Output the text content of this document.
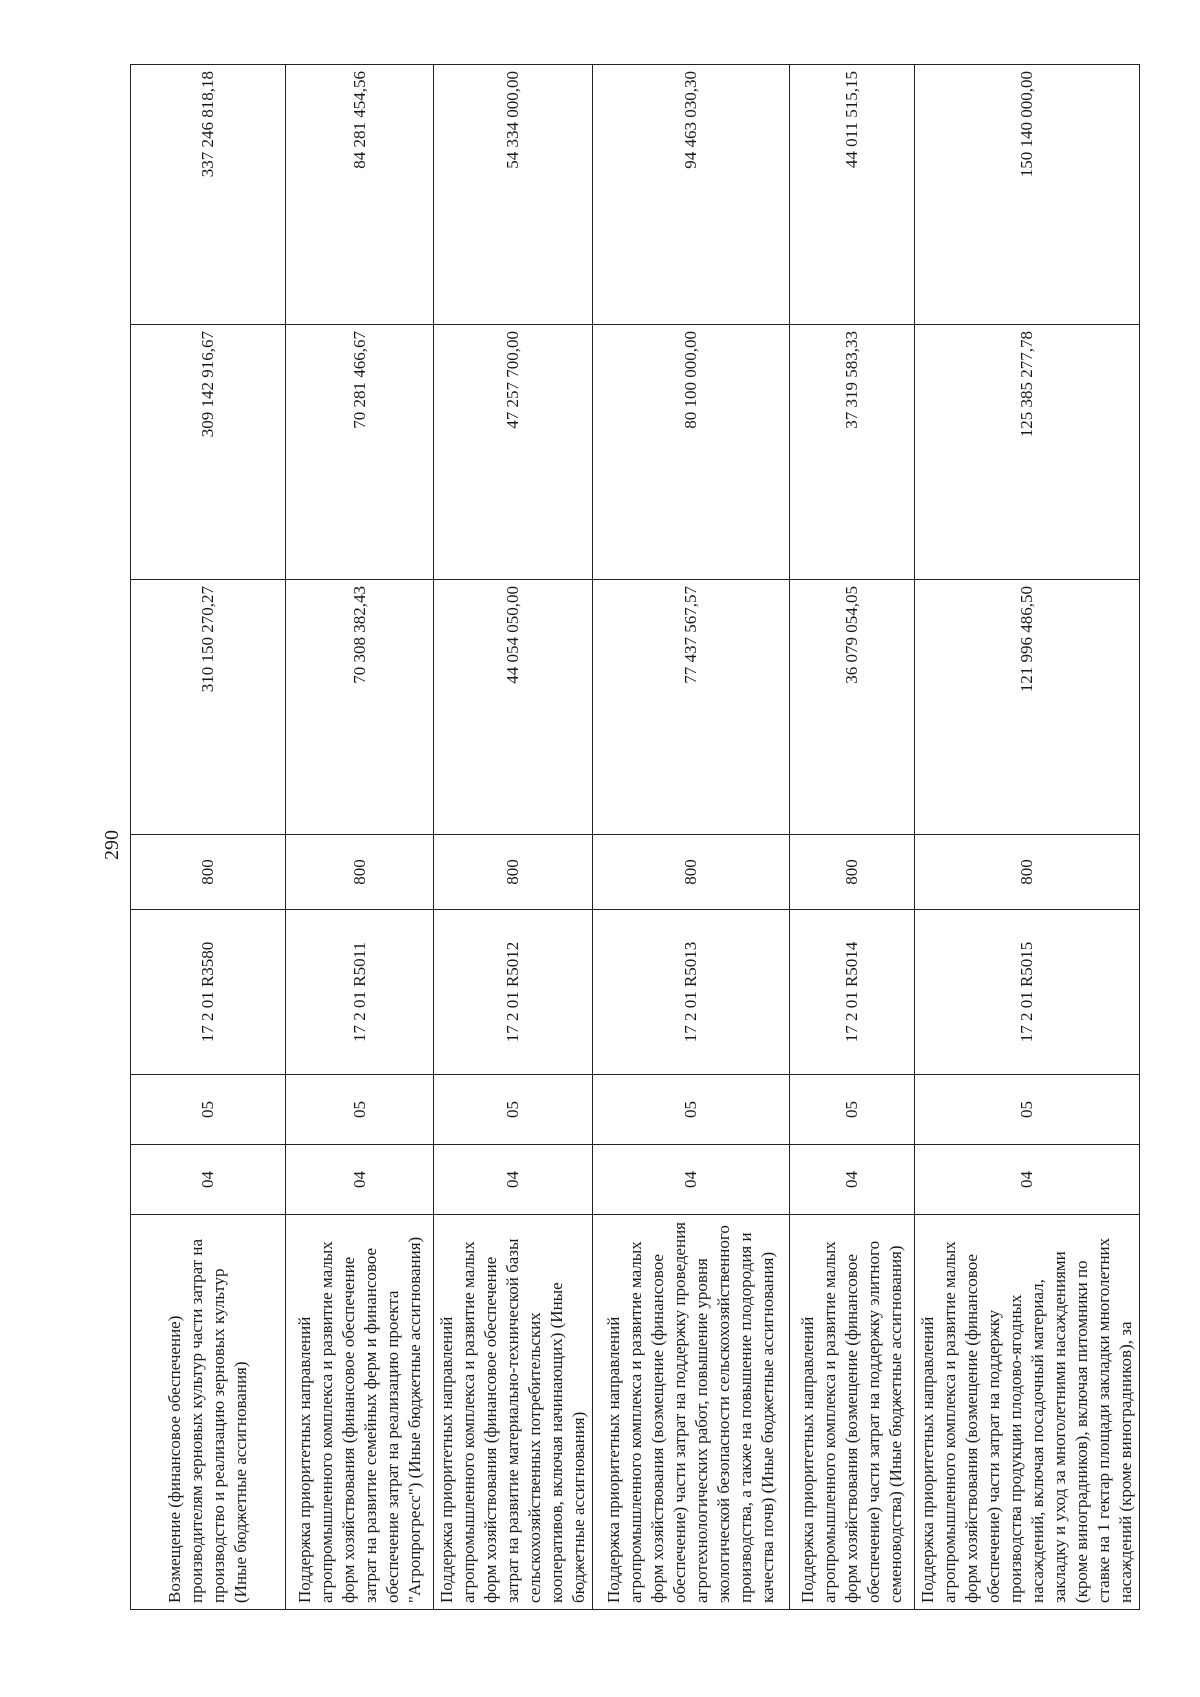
290
Возмещение (финансовое обеспечение) производителям зерновых культур части затрат на производство и реализацию зерновых культур (Иные бюджетные ассигнования)	04	05	17 2 01 R3580	800	310 150 270,27	309 142 916,67	337 246 818,18
Поддержка приоритетных направлений агропромышленного комплекса и развитие малых форм хозяйствования (финансовое обеспечение затрат на развитие семейных ферм и финансовое обеспечение затрат на реализацию проекта "Агропрогресс") (Иные бюджетные ассигнования)	04	05	17 2 01 R5011	800	70 308 382,43	70 281 466,67	84 281 454,56
Поддержка приоритетных направлений агропромышленного комплекса и развитие малых форм хозяйствования (финансовое обеспечение затрат на развитие материально-технической базы сельскохозяйственных потребительских кооперативов, включая начинающих) (Иные бюджетные ассигнования)	04	05	17 2 01 R5012	800	44 054 050,00	47 257 700,00	54 334 000,00
Поддержка приоритетных направлений агропромышленного комплекса и развитие малых форм хозяйствования (возмещение (финансовое обеспечение) части затрат на поддержку проведения агротехнологических работ, повышение уровня экологической безопасности сельскохозяйственного производства, а также на повышение плодородия и качества почв) (Иные бюджетные ассигнования)	04	05	17 2 01 R5013	800	77 437 567,57	80 100 000,00	94 463 030,30
Поддержка приоритетных направлений агропромышленного комплекса и развитие малых форм хозяйствования (возмещение (финансовое обеспечение) части затрат на поддержку элитного семеноводства) (Иные бюджетные ассигнования)	04	05	17 2 01 R5014	800	36 079 054,05	37 319 583,33	44 011 515,15
Поддержка приоритетных направлений агропромышленного комплекса и развитие малых форм хозяйствования (возмещение (финансовое обеспечение) части затрат на поддержку производства продукции плодово-ягодных насаждений, включая посадочный материал, закладку и уход за многолетними насаждениями (кроме виноградников), включая питомники по ставке на 1 гектар площади закладки многолетних насаждений (кроме виноградников), за	04	05	17 2 01 R5015	800	121 996 486,50	125 385 277,78	150 140 000,00
